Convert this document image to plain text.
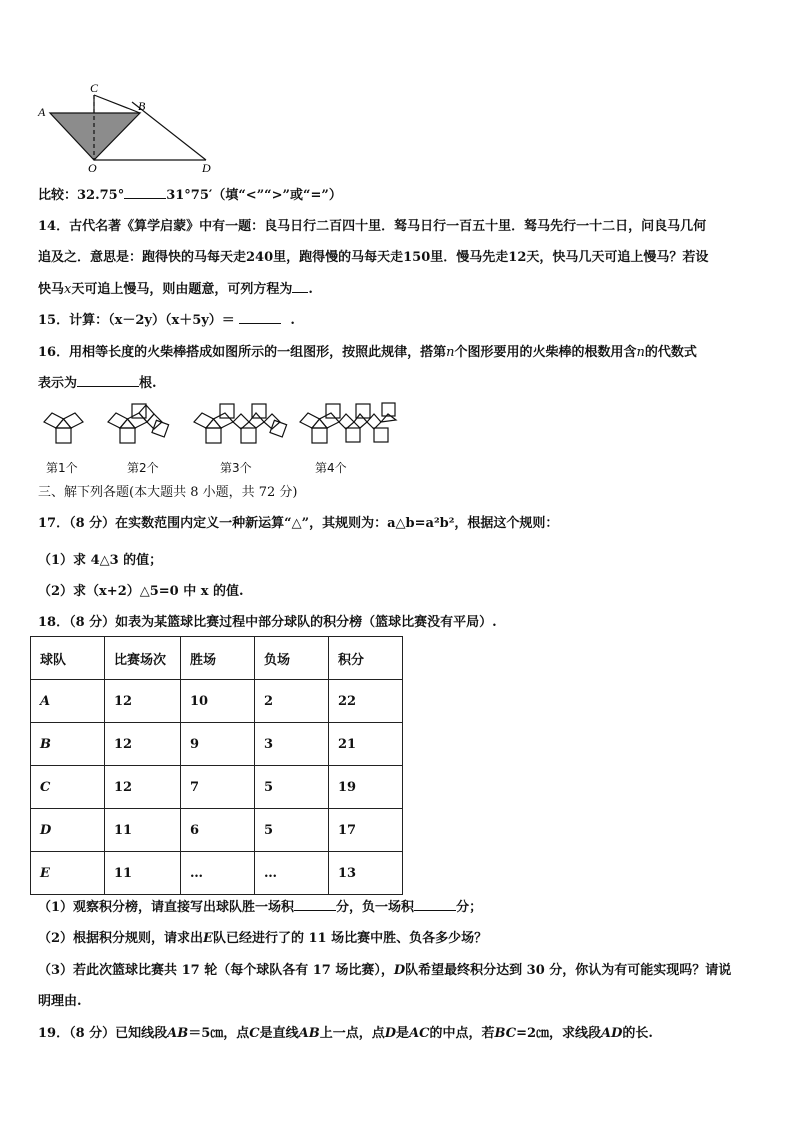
A
C
B
O	D
比较：32.75°	31°75′（填“<”“>”或“=”）
14．古代名著《算学启蒙》中有一题：良马日行二百四十里．驽马日行一百五十里．驽马先行一十二日，问良马几何
追及之．意思是：跑得快的马每天走240里，跑得慢的马每天走150里．慢马先走12天，快马几天可追上慢马？若设
快马x天可追上慢马，则由题意，可列方程为 .
15．计算：（x－2y）（x＋5y）＝	.
16．用相等长度的火柴棒搭成如图所示的一组图形，按照此规律，搭第n个图形要用的火柴棒的根数用含n的代数式
表示为	根.
第1个	第2个	第3个	第4个
三、解下列各题(本大题共 8 小题，共 72 分)
17．（8 分）在实数范围内定义一种新运算“△”，其规则为：a△b=a²b²，根据这个规则：
（1）求 4△3 的值；
（2）求（x+2）△5=0 中 x 的值.
18．（8 分）如表为某篮球比赛过程中部分球队的积分榜（篮球比赛没有平局）.
球队	比赛场次	胜场	负场	积分
A	12	10	2	22
B	12	9	3	21
C	12	7	5	19
D	11	6	5	17
E	11	…	…	13
（1）观察积分榜，请直接写出球队胜一场积	分，负一场积	分；
（2）根据积分规则，请求出E队已经进行了的 11 场比赛中胜、负各多少场？
（3）若此次篮球比赛共 17 轮（每个球队各有 17 场比赛），D队希望最终积分达到 30 分，你认为有可能实现吗？请说
明理由.
19．（8 分）已知线段AB＝5㎝，点C是直线AB上一点，点D是AC的中点，若BC=2㎝，求线段AD的长.
